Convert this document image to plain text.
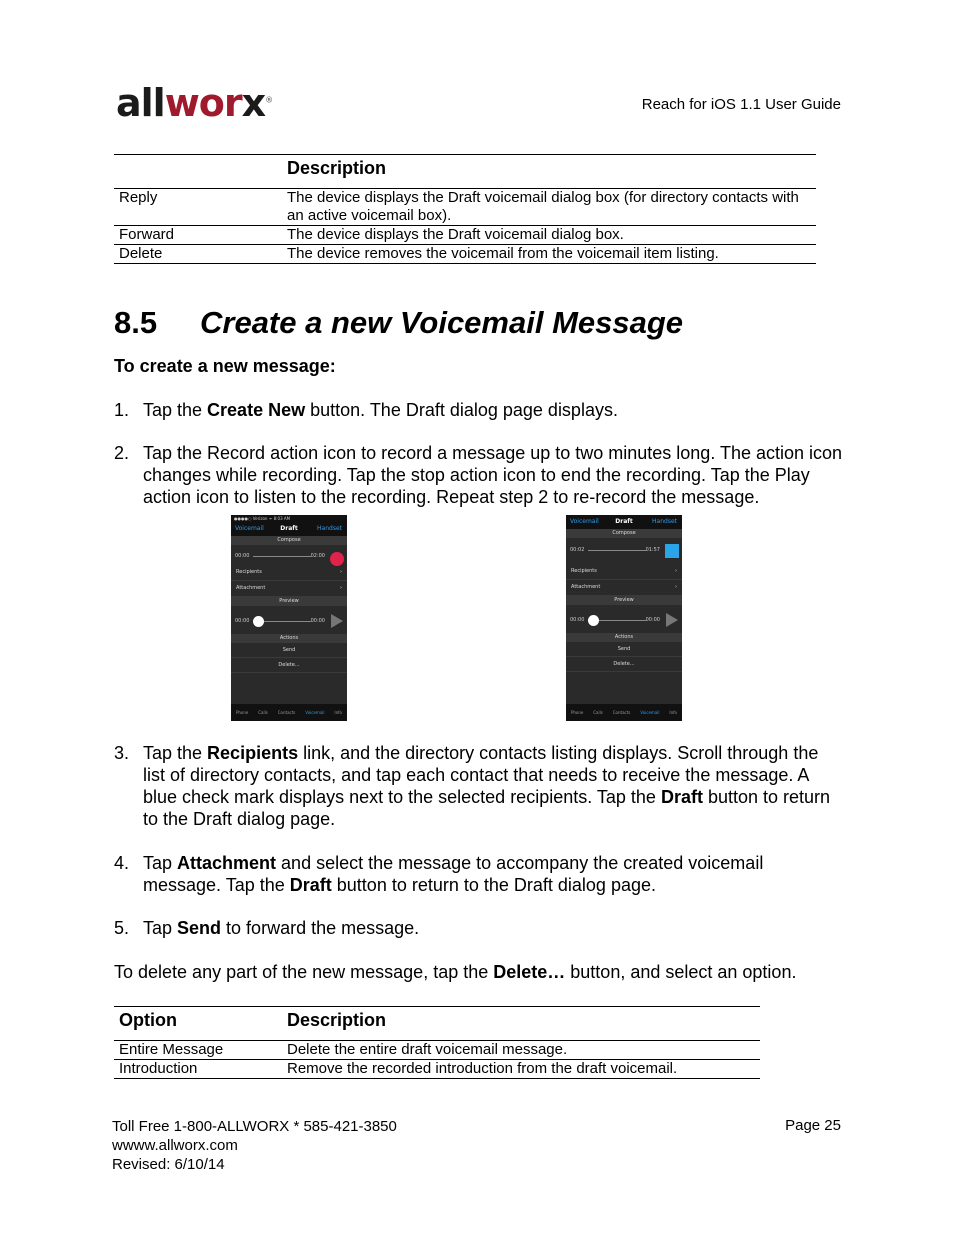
allworx®	Reach for iOS 1.1 User Guide
	Description
Reply	The device displays the Draft voicemail dialog box (for directory contacts with an active voicemail box).
Forward	The device displays the Draft voicemail dialog box.
Delete	The device removes the voicemail from the voicemail item listing.
8.5 Create a new Voicemail Message
To create a new message:
1. Tap the Create New button. The Draft dialog page displays.
2. Tap the Record action icon to record a message up to two minutes long. The action icon changes while recording. Tap the stop action icon to end the recording. Tap the Play action icon to listen to the recording. Repeat step 2 to re-record the message.
●●●●○ Verizon ᯤ 8:03 AM
Voicemail	Draft	Handset
Compose
00:00	02:00
Recipients	›
Attachment	›
Preview
00:00	00:00
Actions
Send
Delete...
Phone Calls Contacts Voicemail Info
Voicemail	Draft	Handset
Compose
00:02	01:57
Recipients	›
Attachment	›
Preview
00:00	00:00
Actions
Send
Delete...
Phone Calls Contacts Voicemail Info
3. Tap the Recipients link, and the directory contacts listing displays. Scroll through the list of directory contacts, and tap each contact that needs to receive the message. A blue check mark displays next to the selected recipients. Tap the Draft button to return to the Draft dialog page.
4. Tap Attachment and select the message to accompany the created voicemail message. Tap the Draft button to return to the Draft dialog page.
5. Tap Send to forward the message.
To delete any part of the new message, tap the Delete… button, and select an option.
Option	Description
Entire Message	Delete the entire draft voicemail message.
Introduction	Remove the recorded introduction from the draft voicemail.
Toll Free 1-800-ALLWORX * 585-421-3850
wwww.allworx.com
Revised: 6/10/14
Page 25
